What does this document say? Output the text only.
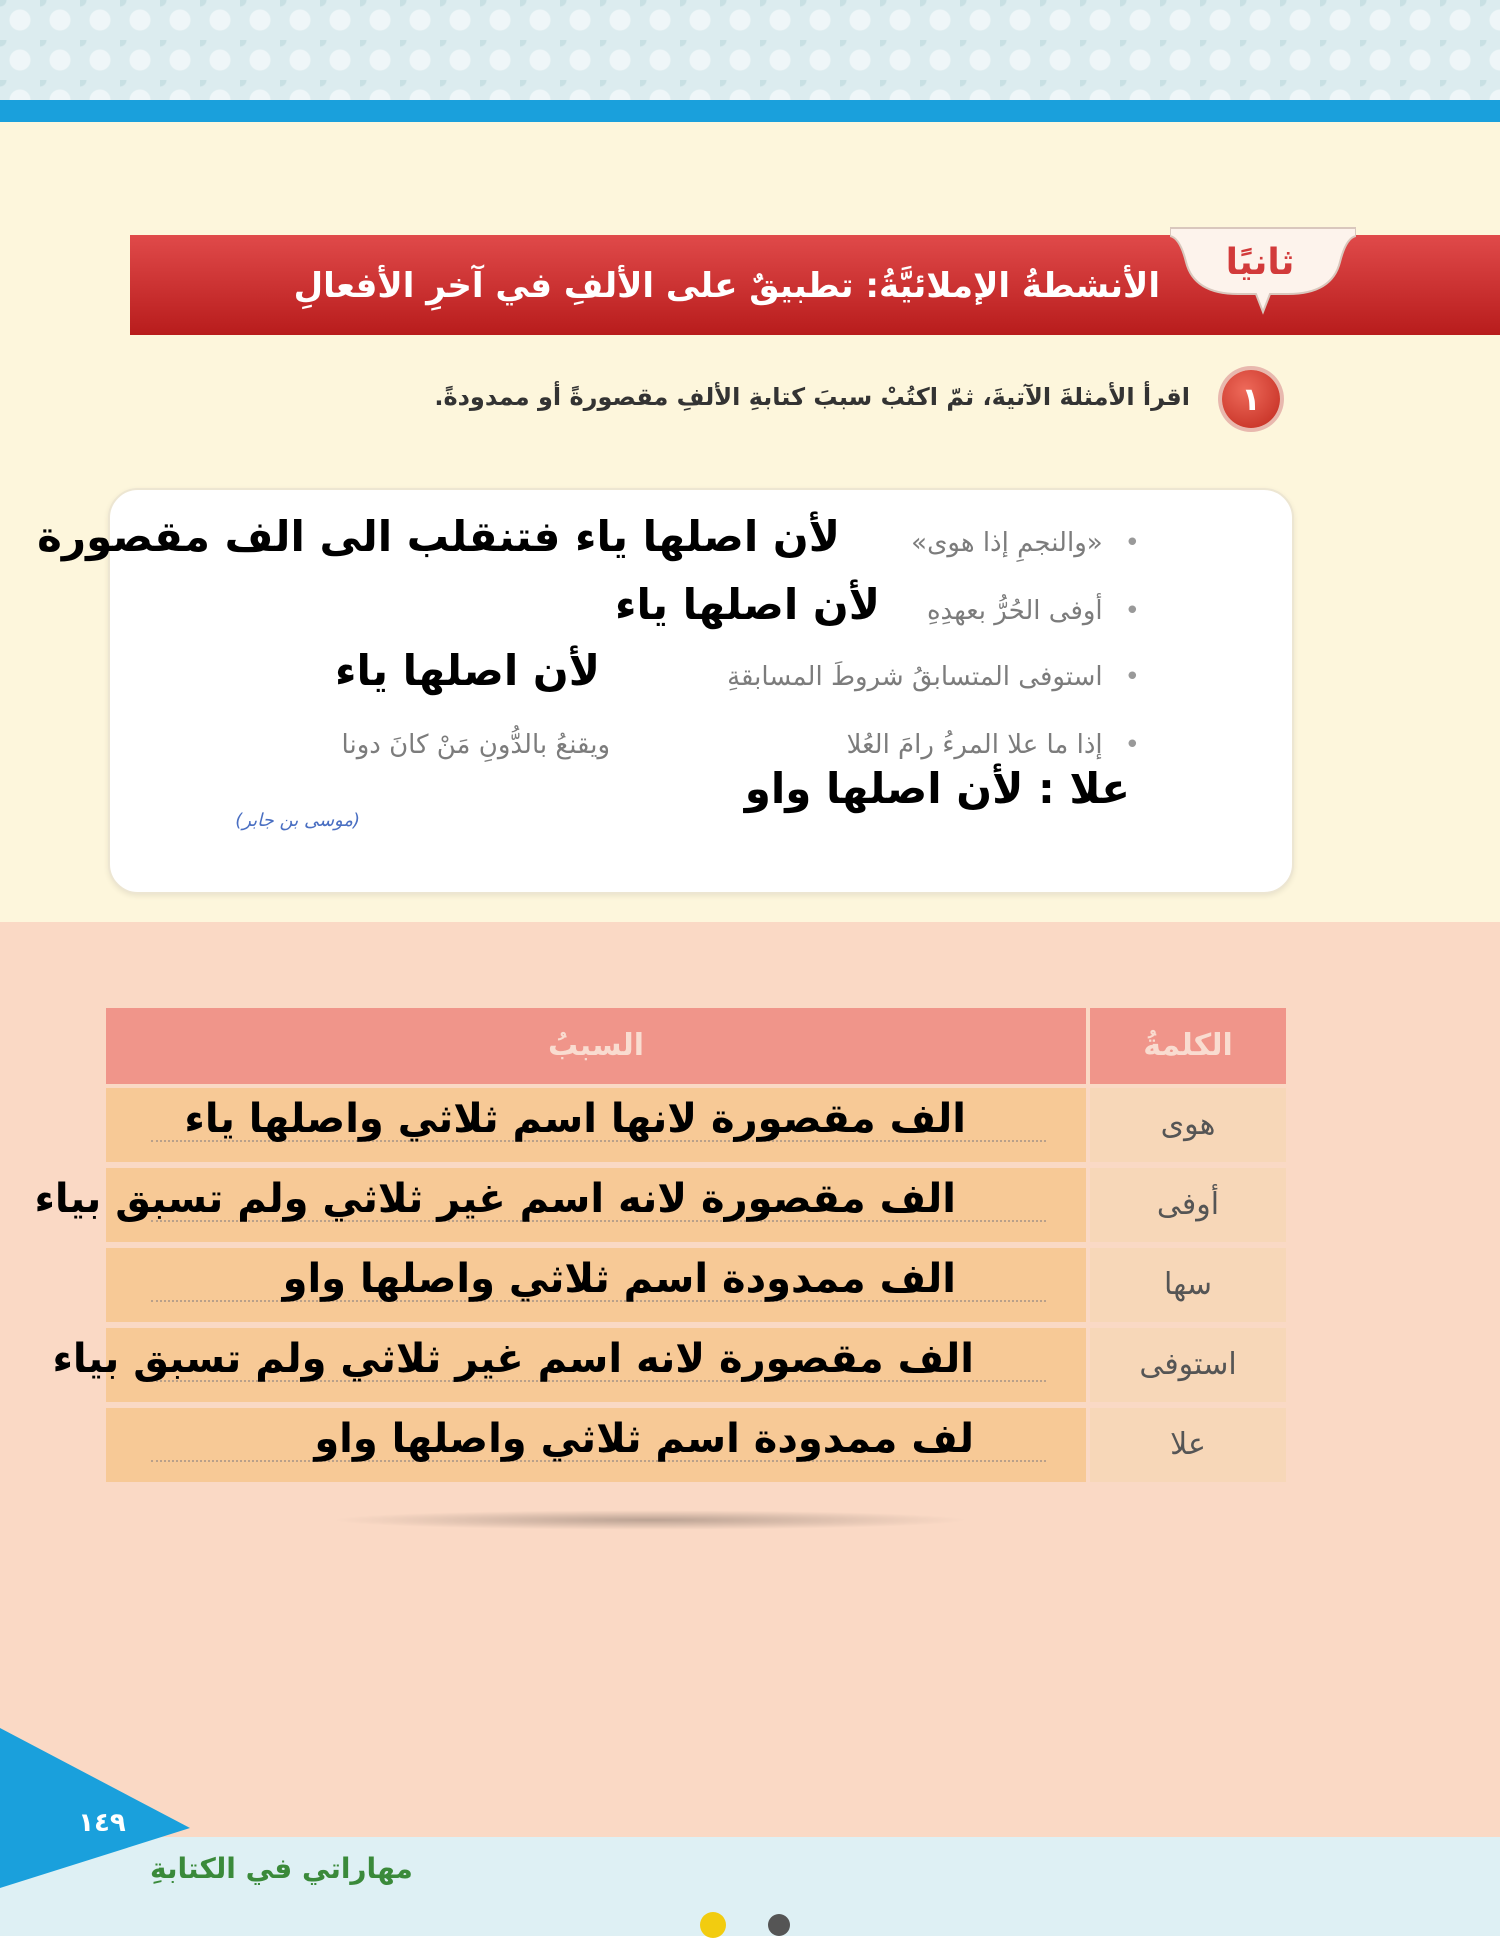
ثانيًا
الأنشطةُ الإملائيَّةُ: تطبيقٌ على الألفِ في آخرِ الأفعالِ
١
اقرأ الأمثلةَ الآتيةَ، ثمّ اكتُبْ سببَ كتابةِ الألفِ مقصورةً أو ممدودةً.
•«والنجمِ إذا هوى»
•أوفى الحُرُّ بعهدِهِ
•استوفى المتسابقُ شروطَ المسابقةِ
•إذا ما علا المرءُ رامَ العُلا
ويقنعُ بالدُّونِ مَنْ كانَ دونا
(موسى بن جابر)
لأن اصلها ياء فتنقلب الى الف مقصورة
لأن اصلها ياء
لأن اصلها ياء
علا : لأن اصلها واو
الكلمةُ
السببُ
هوى
الف مقصورة لانها اسم ثلاثي واصلها ياء
أوفى
الف مقصورة لانه اسم غير ثلاثي ولم تسبق بياء
سها
الف ممدودة اسم ثلاثي واصلها واو
استوفى
الف مقصورة لانه اسم غير ثلاثي ولم تسبق بياء
علا
لف ممدودة اسم ثلاثي واصلها واو
١٤٩
مهاراتي في الكتابةِ
